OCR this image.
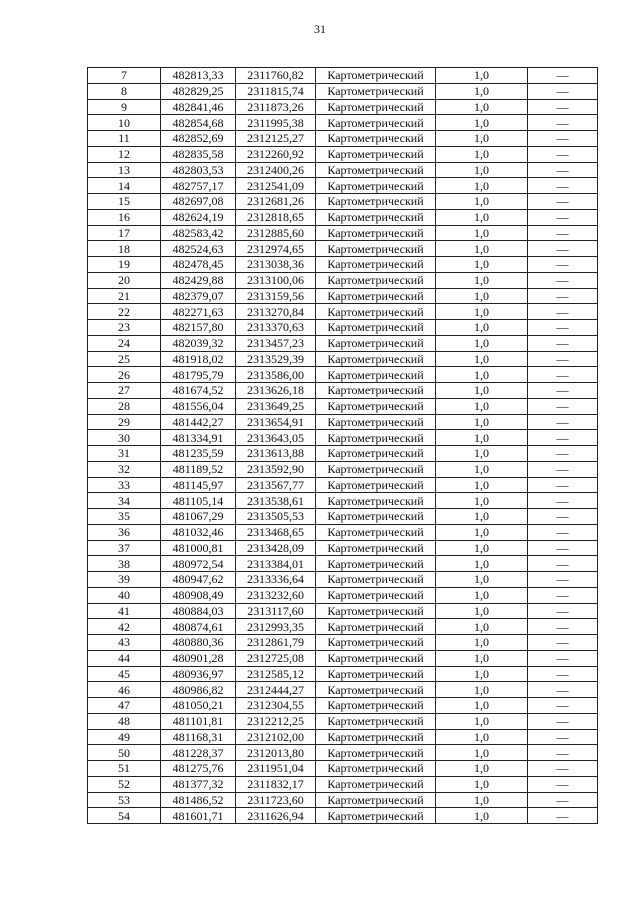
31
7	482813,33	2311760,82	Картометрический	1,0	—
8	482829,25	2311815,74	Картометрический	1,0	—
9	482841,46	2311873,26	Картометрический	1,0	—
10	482854,68	2311995,38	Картометрический	1,0	—
11	482852,69	2312125,27	Картометрический	1,0	—
12	482835,58	2312260,92	Картометрический	1,0	—
13	482803,53	2312400,26	Картометрический	1,0	—
14	482757,17	2312541,09	Картометрический	1,0	—
15	482697,08	2312681,26	Картометрический	1,0	—
16	482624,19	2312818,65	Картометрический	1,0	—
17	482583,42	2312885,60	Картометрический	1,0	—
18	482524,63	2312974,65	Картометрический	1,0	—
19	482478,45	2313038,36	Картометрический	1,0	—
20	482429,88	2313100,06	Картометрический	1,0	—
21	482379,07	2313159,56	Картометрический	1,0	—
22	482271,63	2313270,84	Картометрический	1,0	—
23	482157,80	2313370,63	Картометрический	1,0	—
24	482039,32	2313457,23	Картометрический	1,0	—
25	481918,02	2313529,39	Картометрический	1,0	—
26	481795,79	2313586,00	Картометрический	1,0	—
27	481674,52	2313626,18	Картометрический	1,0	—
28	481556,04	2313649,25	Картометрический	1,0	—
29	481442,27	2313654,91	Картометрический	1,0	—
30	481334,91	2313643,05	Картометрический	1,0	—
31	481235,59	2313613,88	Картометрический	1,0	—
32	481189,52	2313592,90	Картометрический	1,0	—
33	481145,97	2313567,77	Картометрический	1,0	—
34	481105,14	2313538,61	Картометрический	1,0	—
35	481067,29	2313505,53	Картометрический	1,0	—
36	481032,46	2313468,65	Картометрический	1,0	—
37	481000,81	2313428,09	Картометрический	1,0	—
38	480972,54	2313384,01	Картометрический	1,0	—
39	480947,62	2313336,64	Картометрический	1,0	—
40	480908,49	2313232,60	Картометрический	1,0	—
41	480884,03	2313117,60	Картометрический	1,0	—
42	480874,61	2312993,35	Картометрический	1,0	—
43	480880,36	2312861,79	Картометрический	1,0	—
44	480901,28	2312725,08	Картометрический	1,0	—
45	480936,97	2312585,12	Картометрический	1,0	—
46	480986,82	2312444,27	Картометрический	1,0	—
47	481050,21	2312304,55	Картометрический	1,0	—
48	481101,81	2312212,25	Картометрический	1,0	—
49	481168,31	2312102,00	Картометрический	1,0	—
50	481228,37	2312013,80	Картометрический	1,0	—
51	481275,76	2311951,04	Картометрический	1,0	—
52	481377,32	2311832,17	Картометрический	1,0	—
53	481486,52	2311723,60	Картометрический	1,0	—
54	481601,71	2311626,94	Картометрический	1,0	—
